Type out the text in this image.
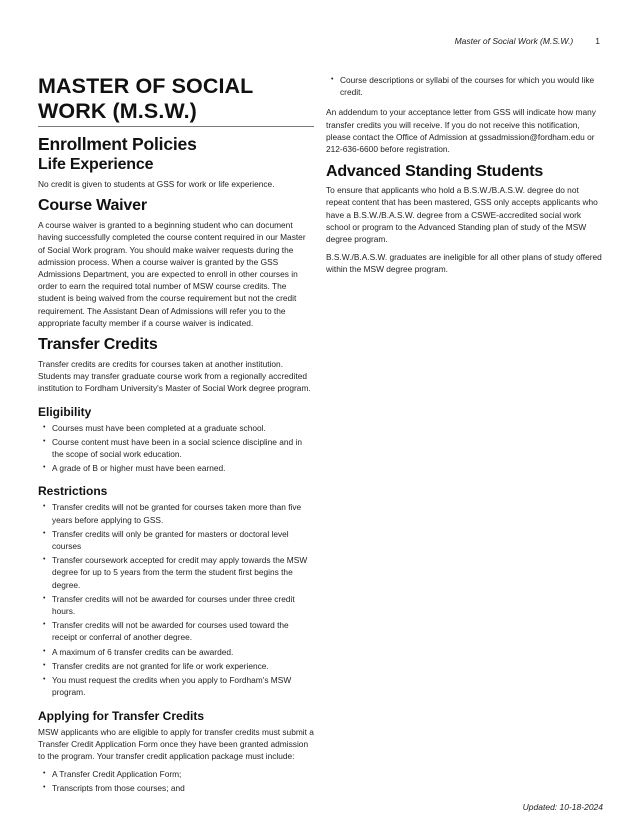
Master of Social Work (M.S.W.)	1
MASTER OF SOCIAL WORK (M.S.W.)
Enrollment Policies
Life Experience

No credit is given to students at GSS for work or life experience.

Course Waiver

A course waiver is granted to a beginning student who can document having successfully completed the course content required in our Master of Social Work program. You should make waiver requests during the admission process. When a course waiver is granted by the GSS Admissions Department, you are expected to enroll in other courses in order to earn the required total number of MSW course credits. The student is being waived from the course requirement but not the credit requirement. The Assistant Dean of Admissions will refer you to the appropriate faculty member if a course waiver is indicated.

Transfer Credits

Transfer credits are credits for courses taken at another institution. Students may transfer graduate course work from a regionally accredited institution to Fordham University's Master of Social Work degree program.

Eligibility
• Courses must have been completed at a graduate school.
• Course content must have been in a social science discipline and in the scope of social work education.
• A grade of B or higher must have been earned.
Restrictions
• Transfer credits will not be granted for courses taken more than five years before applying to GSS.
• Transfer credits will only be granted for masters or doctoral level courses
• Transfer coursework accepted for credit may apply towards the MSW degree for up to 5 years from the term the student first begins the degree.
• Transfer credits will not be awarded for courses under three credit hours.
• Transfer credits will not be awarded for courses used toward the receipt or conferral of another degree.
• A maximum of 6 transfer credits can be awarded.
• Transfer credits are not granted for life or work experience.
• You must request the credits when you apply to Fordham's MSW program.
Applying for Transfer Credits

MSW applicants who are eligible to apply for transfer credits must submit a Transfer Credit Application Form once they have been granted admission to the program. Your transfer credit application package must include:

• A Transfer Credit Application Form;
• Transcripts from those courses; and
• Course descriptions or syllabi of the courses for which you would like credit.

An addendum to your acceptance letter from GSS will indicate how many transfer credits you will receive. If you do not receive this notification, please contact the Office of Admission at gssadmission@fordham.edu or 212-636-6600 before registration.

Advanced Standing Students

To ensure that applicants who hold a B.S.W./B.A.S.W. degree do not repeat content that has been mastered, GSS only accepts applicants who have a B.S.W./B.A.S.W. degree from a CSWE-accredited social work school or program to the Advanced Standing plan of study of the MSW degree program.

B.S.W./B.A.S.W. graduates are ineligible for all other plans of study offered within the MSW degree program.

Updated: 10-18-2024
